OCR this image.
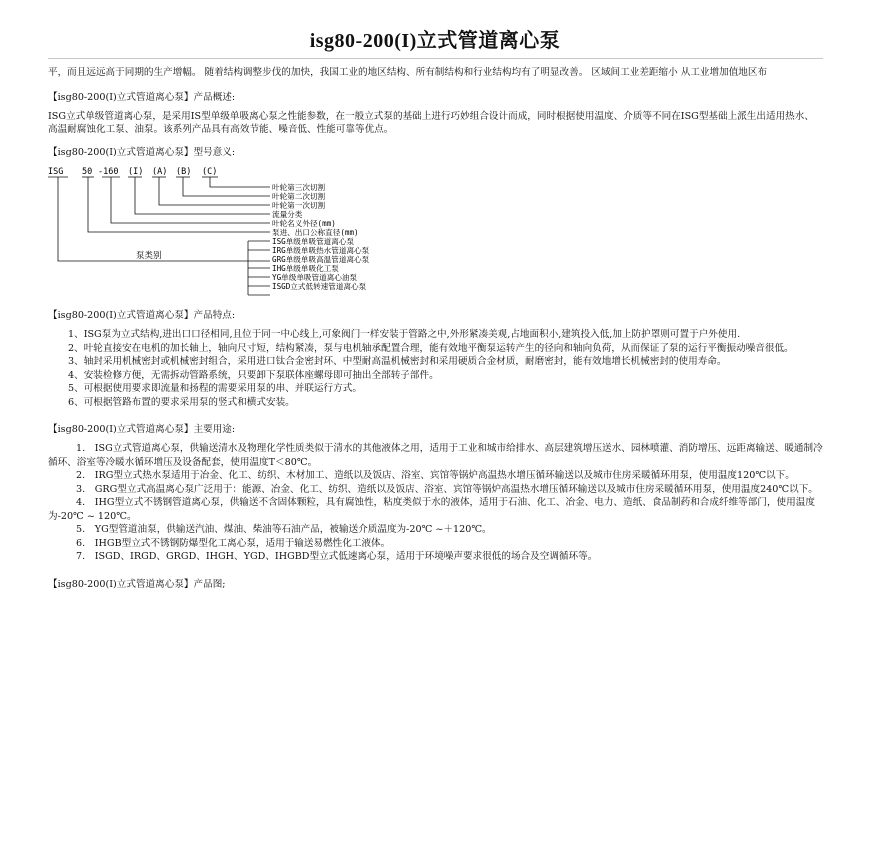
isg80-200(I)立式管道离心泵

平，而且远远高于同期的生产增幅。 随着结构调整步伐的加快，我国工业的地区结构、所有制结构和行业结构均有了明显改善。 区域间工业差距缩小 从工业增加值地区布

【isg80-200(I)立式管道离心泵】产品概述:

ISG立式单级管道离心泵，是采用IS型单级单吸离心泵之性能参数，在一般立式泵的基础上进行巧妙组合设计而成，同时根据使用温度、介质等不同在ISG型基础上派生出适用热水、高温耐腐蚀化工泵、油泵。该系列产品具有高效节能、噪音低、性能可靠等优点。

【isg80-200(I)立式管道离心泵】型号意义:

ISG 50 -160 (I) (A) (B) (C)
叶轮第三次切割
叶轮第二次切割
叶轮第一次切割
流量分类
叶轮名义外径(mm)
泵进、出口公称直径(mm)
ISG单级单吸管道离心泵
IRG单级单吸热水管道离心泵
GRG单级单吸高温管道离心泵
IHG单级单吸化工泵
YG单级单吸管道离心油泵
ISGD立式低转速管道离心泵
泵类别

【isg80-200(I)立式管道离心泵】产品特点:

1、ISG泵为立式结构,进出口口径相同,且位于同一中心线上,可象阀门一样安装于管路之中,外形紧凑美观,占地面积小,建筑投入低,加上防护罩则可置于户外使用.

2、叶轮直接安在电机的加长轴上，轴向尺寸短，结构紧凑，泵与电机轴承配置合理，能有效地平衡泵运转产生的径向和轴向负荷，从而保证了泵的运行平衡振动噪音很低。

3、轴封采用机械密封或机械密封组合，采用进口钛合金密封环、中型耐高温机械密封和采用硬质合金材质，耐磨密封，能有效地增长机械密封的使用寿命。

4、安装检修方便，无需拆动管路系统，只要卸下泵联体座螺母即可抽出全部转子部件。

5、可根据使用要求即流量和扬程的需要采用泵的串、并联运行方式。

6、可根据管路布置的要求采用泵的竖式和横式安装。

【isg80-200(I)立式管道离心泵】主要用途:

1.　ISG立式管道离心泵，供输送清水及物理化学性质类似于清水的其他液体之用，适用于工业和城市给排水、高层建筑增压送水、园林喷灌、消防增压、远距离输送、暖通制冷循环、浴室等冷暖水循环增压及设备配套，使用温度T＜80℃。

2.　IRG型立式热水泵适用于冶金、化工、纺织、木材加工、造纸以及饭店、浴室、宾馆等锅炉高温热水增压循环输送以及城市住房采暖循环用泵，使用温度120℃以下。

3.　GRG型立式高温离心泵广泛用于：能源、冶金、化工、纺织、造纸以及饭店、浴室、宾馆等锅炉高温热水增压循环输送以及城市住房采暖循环用泵，使用温度240℃以下。

4.　IHG型立式不锈钢管道离心泵，供输送不含固体颗粒，具有腐蚀性，粘度类似于水的液体，适用于石油、化工、冶金、电力、造纸、食品制药和合成纤维等部门，使用温度为-20℃ ~ 120℃。

5.　YG型管道油泵，供输送汽油、煤油、柴油等石油产品，被输送介质温度为-20℃ ~＋120℃。

6.　IHGB型立式不锈钢防爆型化工离心泵，适用于输送易燃性化工液体。

7.　ISGD、IRGD、GRGD、IHGH、YGD、IHGBD型立式低速离心泵，适用于环境噪声要求很低的场合及空调循环等。

【isg80-200(I)立式管道离心泵】产品图;
